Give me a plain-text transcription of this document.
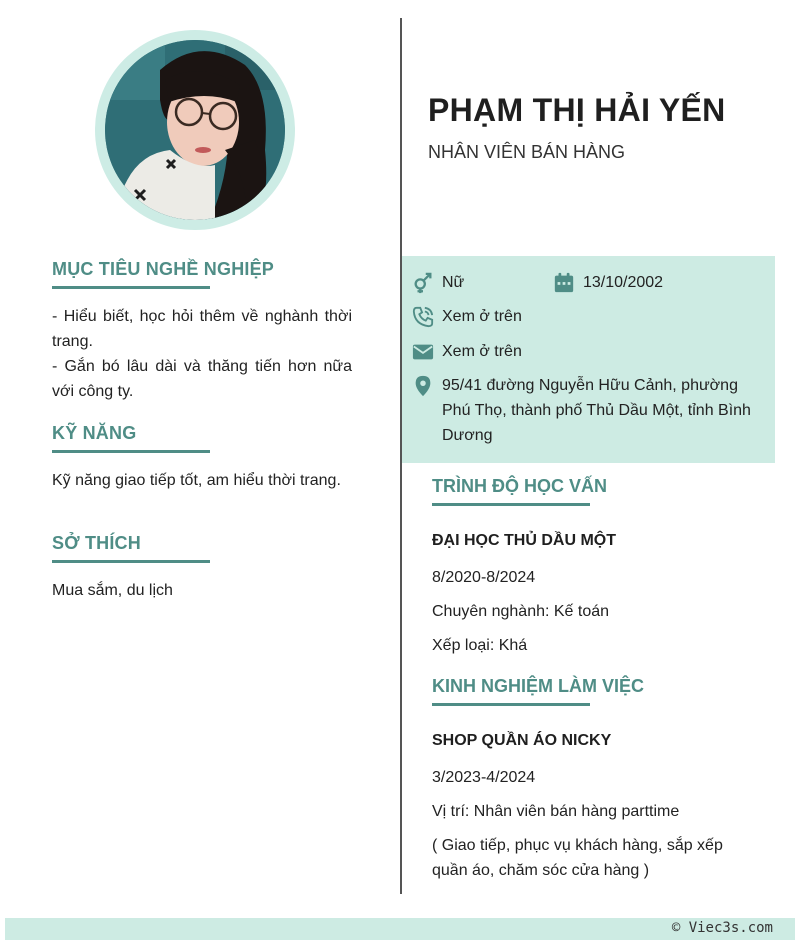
MỤC TIÊU NGHỀ NGHIỆP
- Hiểu biết, học hỏi thêm về nghành thời trang.
- Gắn bó lâu dài và thăng tiến hơn nữa với công ty.
KỸ NĂNG
Kỹ năng giao tiếp tốt, am hiểu thời trang.
SỞ THÍCH
Mua sắm, du lịch
PHẠM THỊ HẢI YẾN
NHÂN VIÊN BÁN HÀNG
Nữ	13/10/2002
Xem ở trên
Xem ở trên
95/41 đường Nguyễn Hữu Cảnh, phường Phú Thọ, thành phố Thủ Dầu Một, tỉnh Bình Dương
TRÌNH ĐỘ HỌC VẤN
ĐẠI HỌC THỦ DẦU MỘT
8/2020-8/2024
Chuyên nghành: Kế toán
Xếp loại: Khá
KINH NGHIỆM LÀM VIỆC
SHOP QUẦN ÁO NICKY
3/2023-4/2024
Vị trí: Nhân viên bán hàng parttime
( Giao tiếp, phục vụ khách hàng, sắp xếp quần áo, chăm sóc cửa hàng )
© Viec3s.com
